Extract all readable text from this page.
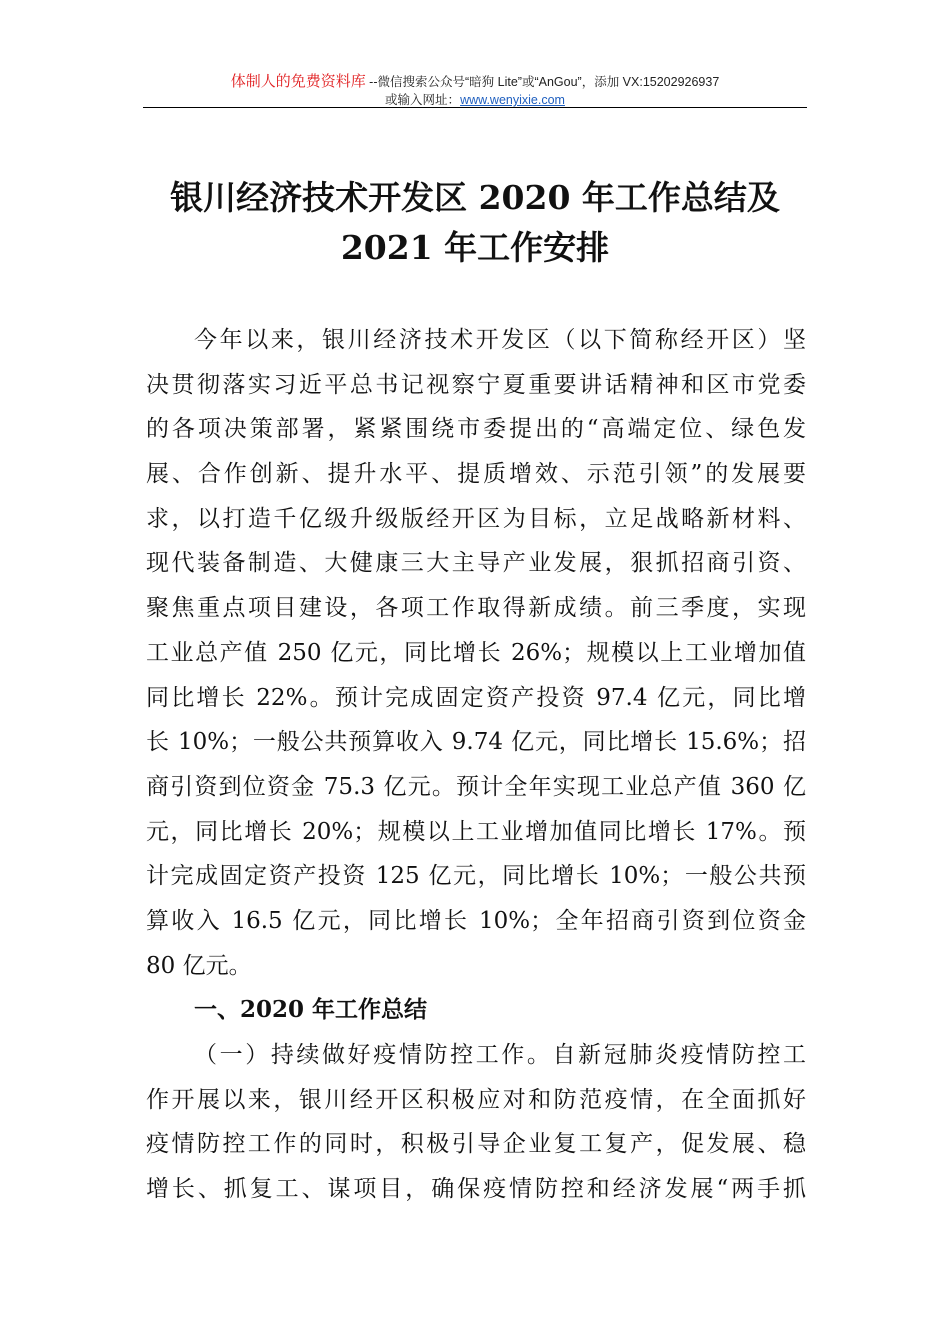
体制人的免费资料库 --微信搜索公众号“暗狗 Lite”或“AnGou”，添加 VX:15202926937
或输入网址：www.wenyixie.com
银川经济技术开发区 2020 年工作总结及
2021 年工作安排
今年以来，银川经济技术开发区（以下简称经开区）坚
决贯彻落实习近平总书记视察宁夏重要讲话精神和区市党委
的各项决策部署，紧紧围绕市委提出的“高端定位、绿色发
展、合作创新、提升水平、提质增效、示范引领”的发展要
求，以打造千亿级升级版经开区为目标，立足战略新材料、
现代装备制造、大健康三大主导产业发展，狠抓招商引资、
聚焦重点项目建设，各项工作取得新成绩。前三季度，实现
工业总产值 250 亿元，同比增长 26%；规模以上工业增加值
同比增长 22%。预计完成固定资产投资 97.4 亿元，同比增
长 10%；一般公共预算收入 9.74 亿元，同比增长 15.6%；招
商引资到位资金 75.3 亿元。预计全年实现工业总产值 360 亿
元，同比增长 20%；规模以上工业增加值同比增长 17%。预
计完成固定资产投资 125 亿元，同比增长 10%；一般公共预
算收入 16.5 亿元，同比增长 10%；全年招商引资到位资金
80 亿元。
一、2020 年工作总结
（一）持续做好疫情防控工作。自新冠肺炎疫情防控工
作开展以来，银川经开区积极应对和防范疫情，在全面抓好
疫情防控工作的同时，积极引导企业复工复产，促发展、稳
增长、抓复工、谋项目，确保疫情防控和经济发展“两手抓
